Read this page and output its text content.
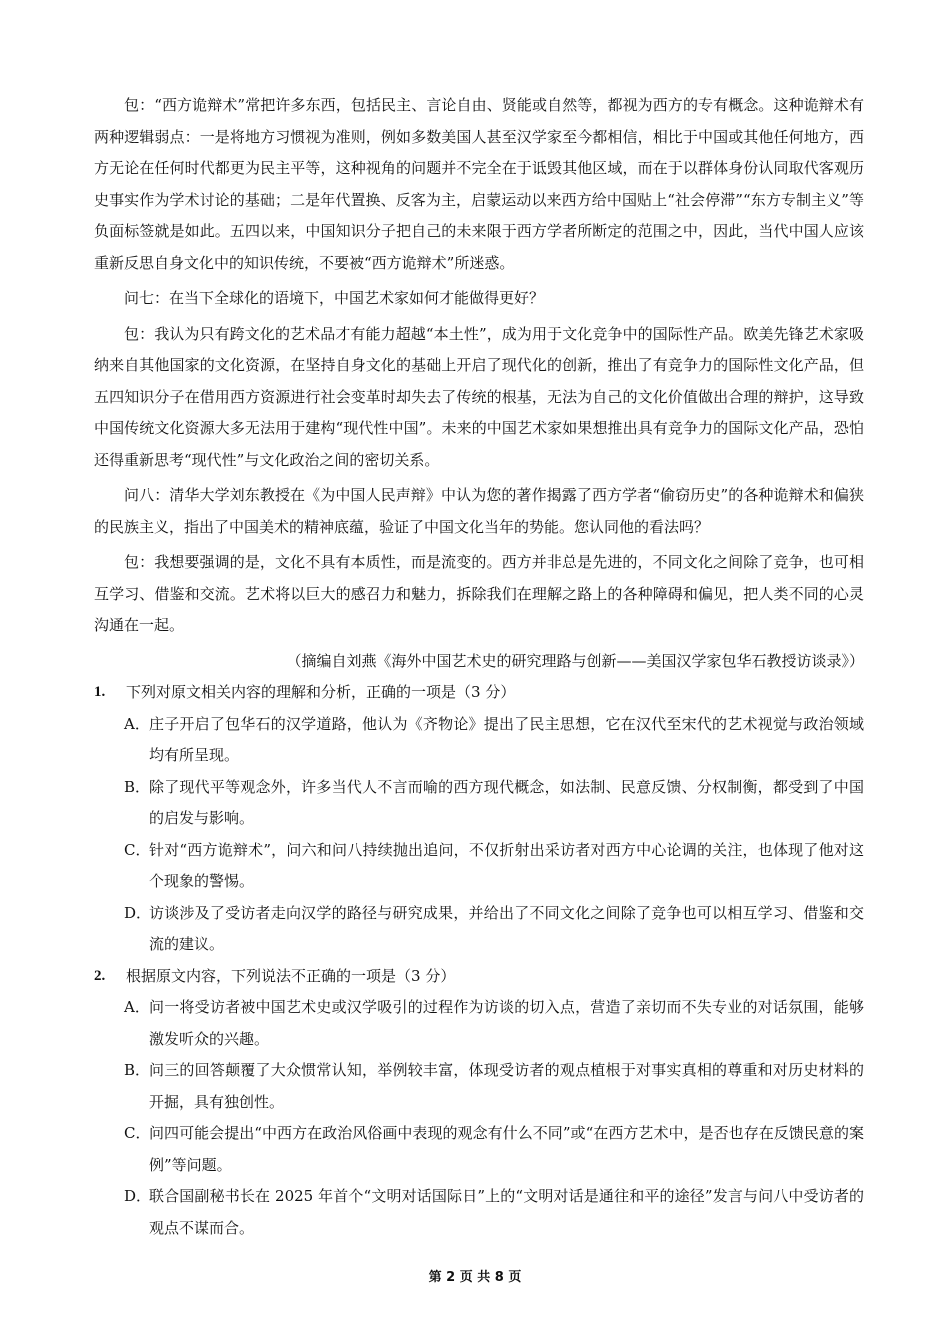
包：“西方诡辩术”常把许多东西，包括民主、言论自由、贤能或自然等，都视为西方的专有概念。这种诡辩术有两种逻辑弱点：一是将地方习惯视为准则，例如多数美国人甚至汉学家至今都相信，相比于中国或其他任何地方，西方无论在任何时代都更为民主平等，这种视角的问题并不完全在于诋毁其他区域，而在于以群体身份认同取代客观历史事实作为学术讨论的基础；二是年代置换、反客为主，启蒙运动以来西方给中国贴上“社会停滞”“东方专制主义”等负面标签就是如此。五四以来，中国知识分子把自己的未来限于西方学者所断定的范围之中，因此，当代中国人应该重新反思自身文化中的知识传统，不要被“西方诡辩术”所迷惑。

问七：在当下全球化的语境下，中国艺术家如何才能做得更好？

包：我认为只有跨文化的艺术品才有能力超越“本土性”，成为用于文化竞争中的国际性产品。欧美先锋艺术家吸纳来自其他国家的文化资源，在坚持自身文化的基础上开启了现代化的创新，推出了有竞争力的国际性文化产品，但五四知识分子在借用西方资源进行社会变革时却失去了传统的根基，无法为自己的文化价值做出合理的辩护，这导致中国传统文化资源大多无法用于建构“现代性中国”。未来的中国艺术家如果想推出具有竞争力的国际文化产品，恐怕还得重新思考“现代性”与文化政治之间的密切关系。

问八：清华大学刘东教授在《为中国人民声辩》中认为您的著作揭露了西方学者“偷窃历史”的各种诡辩术和偏狭的民族主义，指出了中国美术的精神底蕴，验证了中国文化当年的势能。您认同他的看法吗？

包：我想要强调的是，文化不具有本质性，而是流变的。西方并非总是先进的，不同文化之间除了竞争，也可相互学习、借鉴和交流。艺术将以巨大的感召力和魅力，拆除我们在理解之路上的各种障碍和偏见，把人类不同的心灵沟通在一起。

（摘编自刘燕《海外中国艺术史的研究理路与创新——美国汉学家包华石教授访谈录》）

1. 下列对原文相关内容的理解和分析，正确的一项是（3 分）
A． 庄子开启了包华石的汉学道路，他认为《齐物论》提出了民主思想，它在汉代至宋代的艺术视觉与政治领域均有所呈现。
B．
除了现代平等观念外，许多当代人不言而喻的西方现代概念，如法制、民意反馈、分权制衡，都受到了中国的启发与影响。
C．
针对“西方诡辩术”，问六和问八持续抛出追问，不仅折射出采访者对西方中心论调的关注，也体现了他对这个现象的警惕。
D．
访谈涉及了受访者走向汉学的路径与研究成果，并给出了不同文化之间除了竞争也可以相互学习、借鉴和交流的建议。
2. 根据原文内容，下列说法不正确的一项是（3 分）
A． 问一将受访者被中国艺术史或汉学吸引的过程作为访谈的切入点，营造了亲切而不失专业的对话氛围，能够激发听众的兴趣。
B．
问三的回答颠覆了大众惯常认知，举例较丰富，体现受访者的观点植根于对事实真相的尊重和对历史材料的开掘，具有独创性。
C．
问四可能会提出“中西方在政治风俗画中表现的观念有什么不同”或“在西方艺术中，是否也存在反馈民意的案例”等问题。
D．
联合国副秘书长在 2025 年首个“文明对话国际日”上的“文明对话是通往和平的途径”发言与问八中受访者的观点不谋而合。
第 2 页 共 8 页
